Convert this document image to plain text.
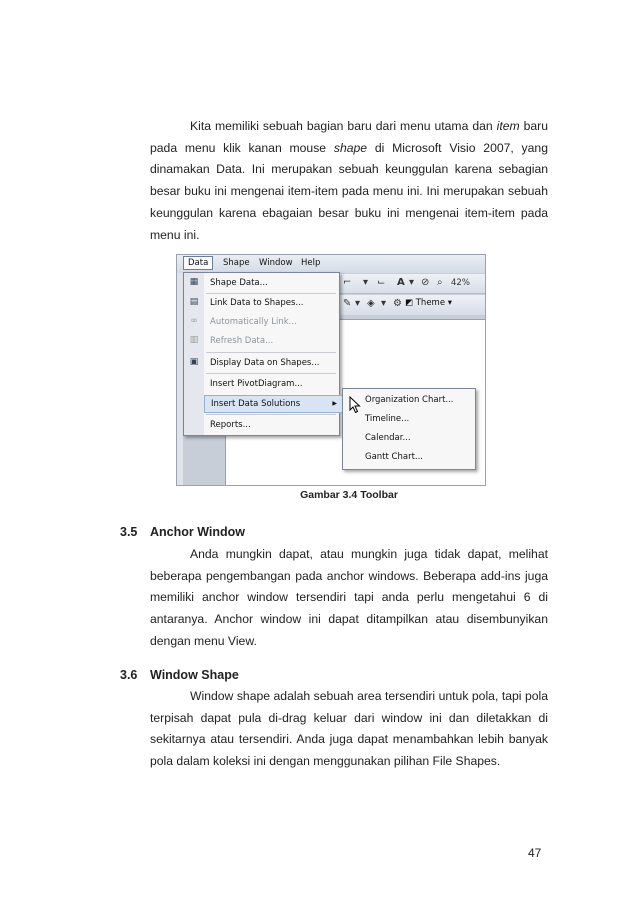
Kita memiliki sebuah bagian baru dari menu utama dan item baru pada menu klik kanan mouse shape di Microsoft Visio 2007, yang dinamakan Data. Ini merupakan sebuah keunggulan karena sebagian besar buku ini mengenai item-item pada menu ini. Ini merupakan sebuah keunggulan karena ebagaian besar buku ini mengenai item-item pada menu ini.

Data	Shape Window Help
⌐ ▾ ⌙ A ▾ ⊘ ⌕ 42%
✎ ▾ ◈ ▾ ⚙ ◩ Theme ▾
▦	Shape Data...
▤	Link Data to Shapes...
∞	Automatically Link...
▥	Refresh Data...
▣	Display Data on Shapes...
Insert PivotDiagram...
Insert Data Solutions	▶
Reports...
Organization Chart...
Timeline...
Calendar...
Gantt Chart...
Gambar 3.4 Toolbar
3.5 Anchor Window

Anda mungkin dapat, atau mungkin juga tidak dapat, melihat beberapa pengembangan pada anchor windows. Beberapa add-ins juga memiliki anchor window tersendiri tapi anda perlu mengetahui 6 di antaranya. Anchor window ini dapat ditampilkan atau disembunyikan dengan menu View.

3.6 Window Shape

Window shape adalah sebuah area tersendiri untuk pola, tapi pola terpisah dapat pula di-drag keluar dari window ini dan diletakkan di sekitarnya atau tersendiri. Anda juga dapat menambahkan lebih banyak pola dalam koleksi ini dengan menggunakan pilihan File Shapes.

47
